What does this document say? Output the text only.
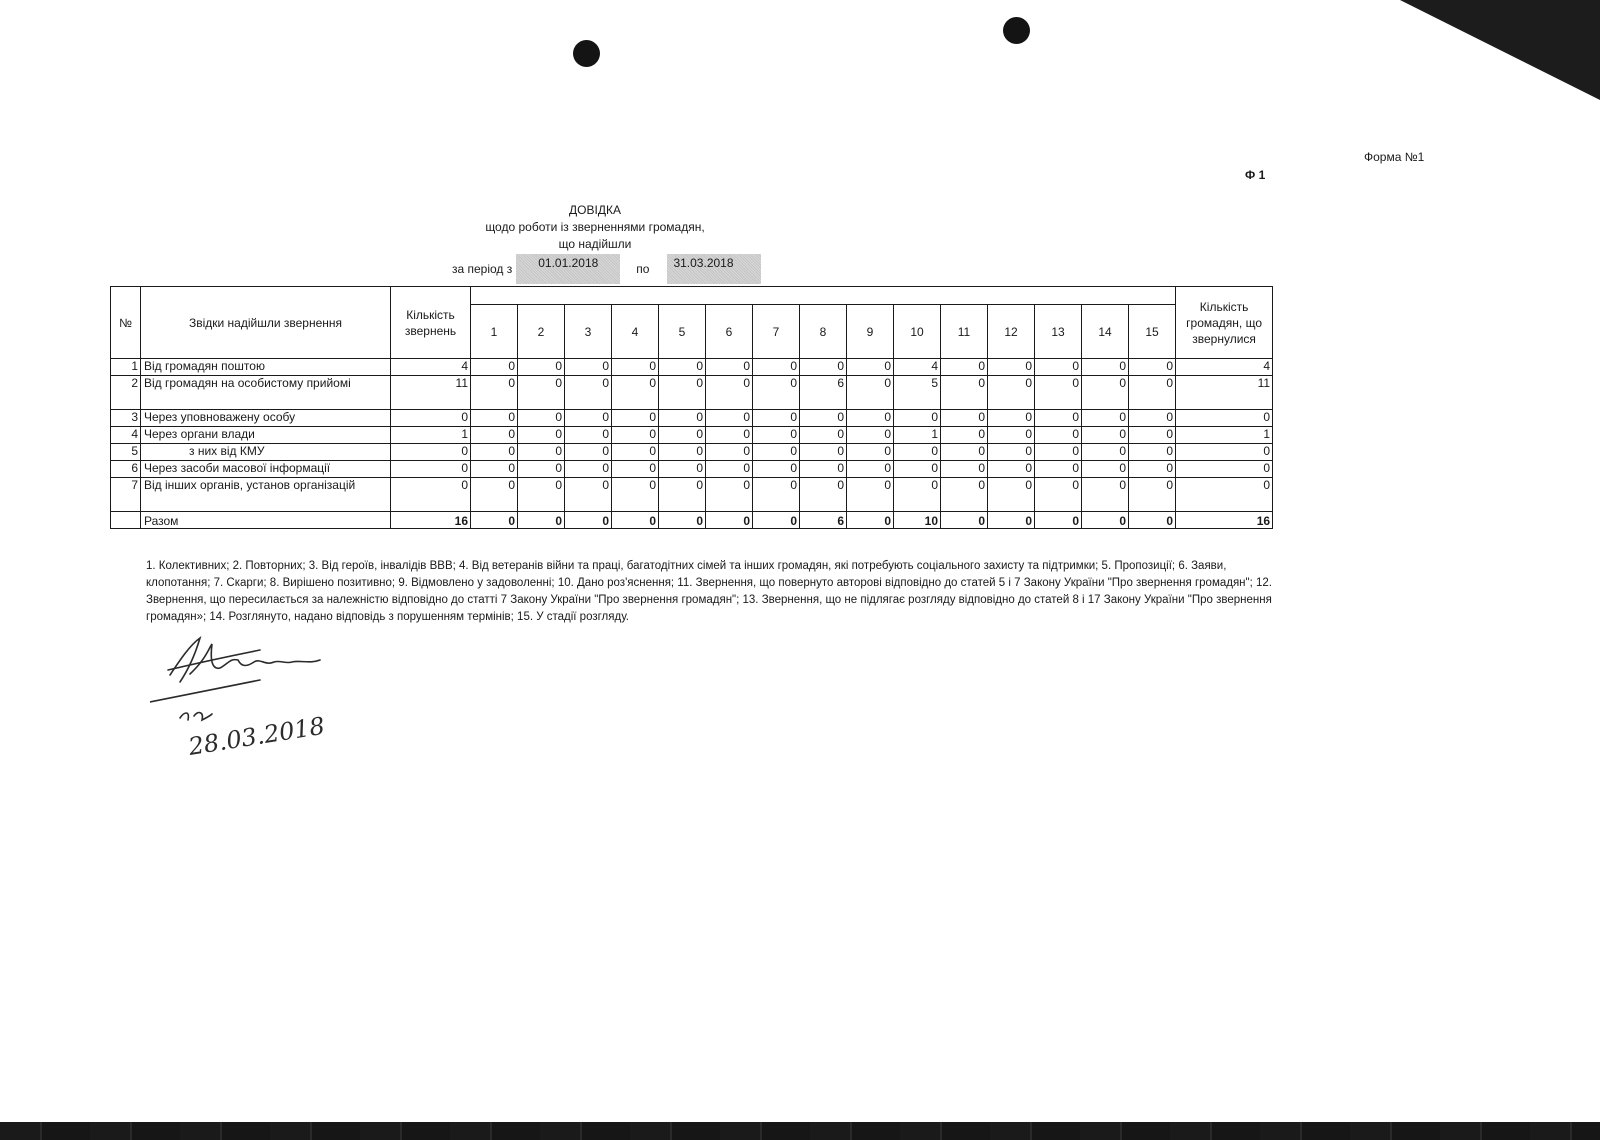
Форма №1
Ф 1
ДОВІДКА
щодо роботи із зверненнями громадян,
що надійшли
за період з	01.01.2018	по	31.03.2018
№	Звідки надійшли звернення	Кількість звернень																Кількість громадян, що звернулися
			1	2	3	4	5	6	7	8	9	10	11	12	13	14	15	
1	Від громадян поштою	4	0	0	0	0	0	0	0	0	0	4	0	0	0	0	0	4
2	Від громадян на особистому прийомі	11	0	0	0	0	0	0	0	6	0	5	0	0	0	0	0	11
3	Через уповноважену особу	0	0	0	0	0	0	0	0	0	0	0	0	0	0	0	0	0
4	Через органи влади	1	0	0	0	0	0	0	0	0	0	1	0	0	0	0	0	1
5	з них від КМУ	0	0	0	0	0	0	0	0	0	0	0	0	0	0	0	0	0
6	Через засоби масової інформації	0	0	0	0	0	0	0	0	0	0	0	0	0	0	0	0	0
7	Від інших органів, установ організацій	0	0	0	0	0	0	0	0	0	0	0	0	0	0	0	0	0
	Разом	16	0	0	0	0	0	0	0	6	0	10	0	0	0	0	0	16
1. Колективних; 2. Повторних; 3. Від героїв, інвалідів ВВВ; 4. Від ветеранів війни та праці, багатодітних сімей та інших громадян, які потребують соціального захисту та підтримки; 5. Пропозиції; 6. Заяви, клопотання; 7. Скарги; 8. Вирішено позитивно; 9. Відмовлено у задоволенні; 10. Дано роз'яснення; 11. Звернення, що повернуто авторові відповідно до статей 5 і 7 Закону України "Про звернення громадян"; 12. Звернення, що пересилається за належністю відповідно до статті 7 Закону України "Про звернення громадян"; 13. Звернення, що не підлягає розгляду відповідно до статей 8 і 17 Закону України "Про звернення громадян»; 14. Розглянуто, надано відповідь з порушенням термінів; 15. У стадії розгляду.
28.03.2018
